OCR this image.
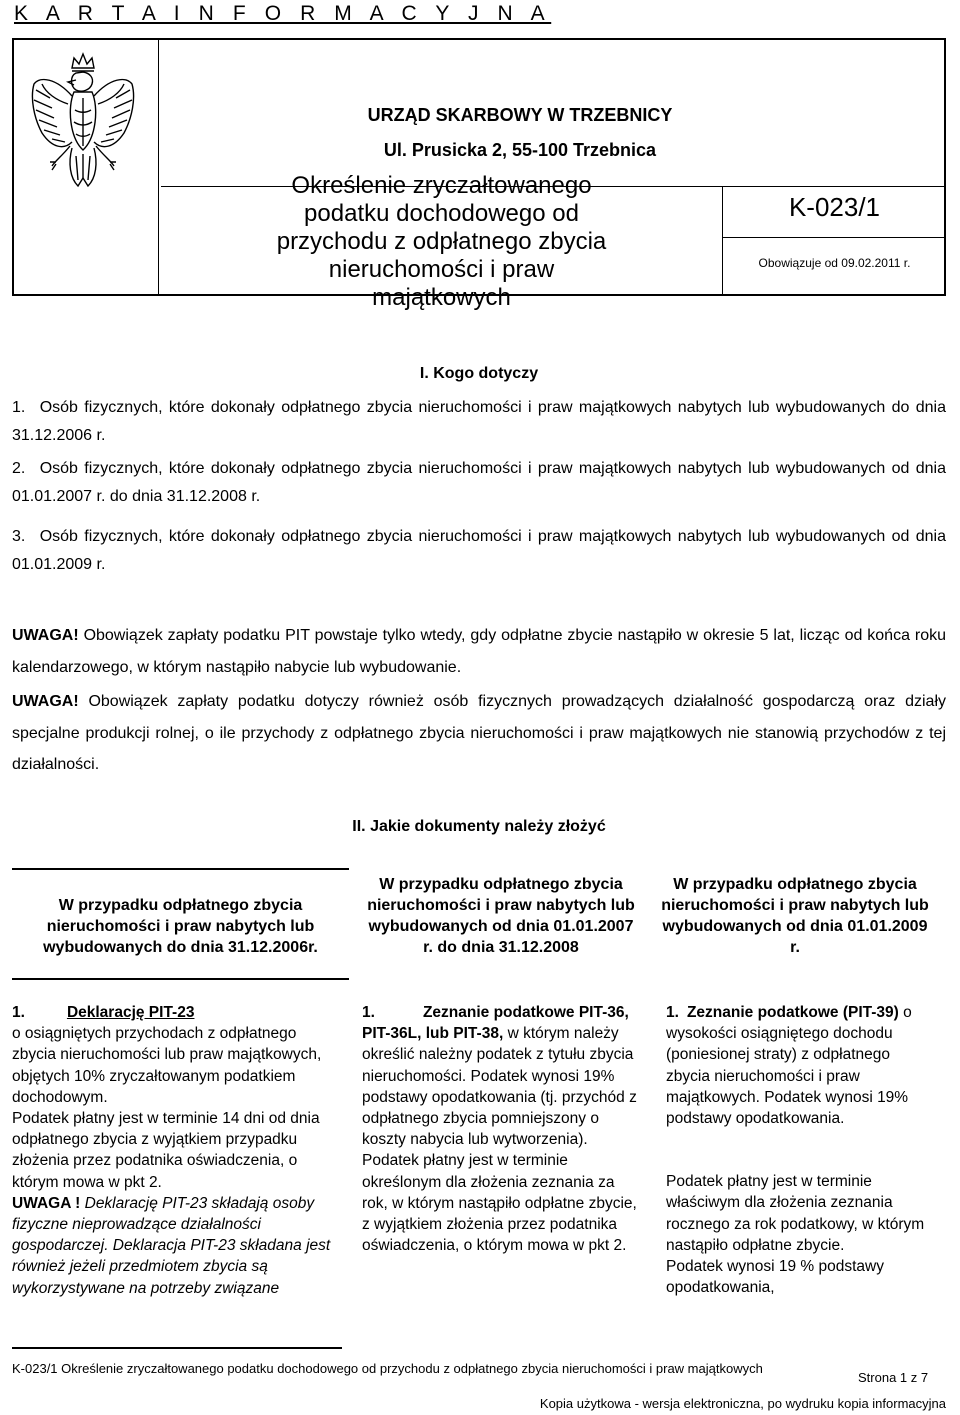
K A R T A I N F O R M A C Y J N A
URZĄD SKARBOWY W TRZEBNICY
Ul. Prusicka 2, 55-100 Trzebnica
Określenie zryczałtowanego podatku dochodowego od przychodu z odpłatnego zbycia nieruchomości i praw majątkowych
K-023/1
Obowiązuje od 09.02.2011 r.
I. Kogo dotyczy
1. Osób fizycznych, które dokonały odpłatnego zbycia nieruchomości i praw majątkowych nabytych lub wybudowanych do dnia 31.12.2006 r.
2. Osób fizycznych, które dokonały odpłatnego zbycia nieruchomości i praw majątkowych nabytych lub wybudowanych od dnia 01.01.2007 r. do dnia 31.12.2008 r.
3. Osób fizycznych, które dokonały odpłatnego zbycia nieruchomości i praw majątkowych nabytych lub wybudowanych od dnia 01.01.2009 r.
UWAGA! Obowiązek zapłaty podatku PIT powstaje tylko wtedy, gdy odpłatne zbycie nastąpiło w okresie 5 lat, licząc od końca roku kalendarzowego, w którym nastąpiło nabycie lub wybudowanie.
UWAGA! Obowiązek zapłaty podatku dotyczy również osób fizycznych prowadzących działalność gospodarczą oraz działy specjalne produkcji rolnej, o ile przychody z odpłatnego zbycia nieruchomości i praw majątkowych nie stanowią przychodów z tej działalności.
II. Jakie dokumenty należy złożyć
W przypadku odpłatnego zbycia nieruchomości i praw nabytych lub wybudowanych do dnia 31.12.2006r.
W przypadku odpłatnego zbycia nieruchomości i praw nabytych lub wybudowanych od dnia 01.01.2007 r. do dnia 31.12.2008
W przypadku odpłatnego zbycia nieruchomości i praw nabytych lub wybudowanych od dnia 01.01.2009 r.
1.	Deklarację PIT-23
o osiągniętych przychodach z odpłatnego zbycia nieruchomości lub praw majątkowych, objętych 10% zryczałtowanym podatkiem dochodowym.
Podatek płatny jest w terminie 14 dni od dnia odpłatnego zbycia z wyjątkiem przypadku złożenia przez podatnika oświadczenia, o którym mowa w pkt 2.
UWAGA ! Deklarację PIT-23 składają osoby fizyczne nieprowadzące działalności gospodarczej. Deklaracja PIT-23 składana jest również jeżeli przedmiotem zbycia są wykorzystywane na potrzeby związane
1.	Zeznanie podatkowe PIT-36, PIT-36L, lub PIT-38, w którym należy określić należny podatek z tytułu zbycia nieruchomości. Podatek wynosi 19% podstawy opodatkowania (tj. przychód z odpłatnego zbycia pomniejszony o koszty nabycia lub wytworzenia).
Podatek płatny jest w terminie określonym dla złożenia zeznania za rok, w którym nastąpiło odpłatne zbycie, z wyjątkiem złożenia przez podatnika oświadczenia, o którym mowa w pkt 2.
1. Zeznanie podatkowe (PIT-39) o wysokości osiągniętego dochodu (poniesionej straty) z odpłatnego zbycia nieruchomości i praw majątkowych. Podatek wynosi 19% podstawy opodatkowania.
Podatek płatny jest w terminie właściwym dla złożenia zeznania rocznego za rok podatkowy, w którym nastąpiło odpłatne zbycie.
Podatek wynosi 19 % podstawy opodatkowania,
K-023/1 Określenie zryczałtowanego podatku dochodowego od przychodu z odpłatnego zbycia nieruchomości i praw majątkowych
Strona 1 z 7
Kopia użytkowa - wersja elektroniczna, po wydruku kopia informacyjna
